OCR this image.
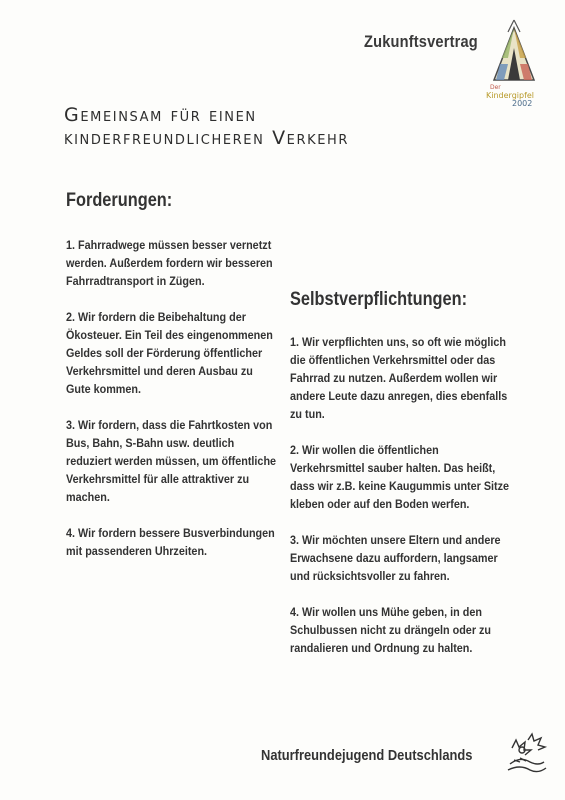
Zukunftsvertrag
Der
Kindergipfel
2002
Gemeinsam für einen
kinderfreundlicheren Verkehr
Forderungen:
1. Fahrradwege müssen besser vernetzt werden. Außerdem fordern wir besseren Fahrradtransport in Zügen.
2. Wir fordern die Beibehaltung der Ökosteuer. Ein Teil des eingenommenen Geldes soll der Förderung öffentlicher Verkehrsmittel und deren Ausbau zu Gute kommen.
3. Wir fordern, dass die Fahrtkosten von Bus, Bahn, S-Bahn usw. deutlich reduziert werden müssen, um öffentliche Verkehrsmittel für alle attraktiver zu machen.
4. Wir fordern bessere Busverbindungen mit passenderen Uhrzeiten.
Selbstverpflichtungen:
1. Wir verpflichten uns, so oft wie möglich die öffentlichen Verkehrsmittel oder das Fahrrad zu nutzen. Außerdem wollen wir andere Leute dazu anregen, dies ebenfalls zu tun.
2. Wir wollen die öffentlichen Verkehrsmittel sauber halten. Das heißt, dass wir z.B. keine Kaugummis unter Sitze kleben oder auf den Boden werfen.
3. Wir möchten unsere Eltern und andere Erwachsene dazu auffordern, langsamer und rücksichtsvoller zu fahren.
4. Wir wollen uns Mühe geben, in den Schulbussen nicht zu drängeln oder zu randalieren und Ordnung zu halten.
Naturfreundejugend Deutschlands
